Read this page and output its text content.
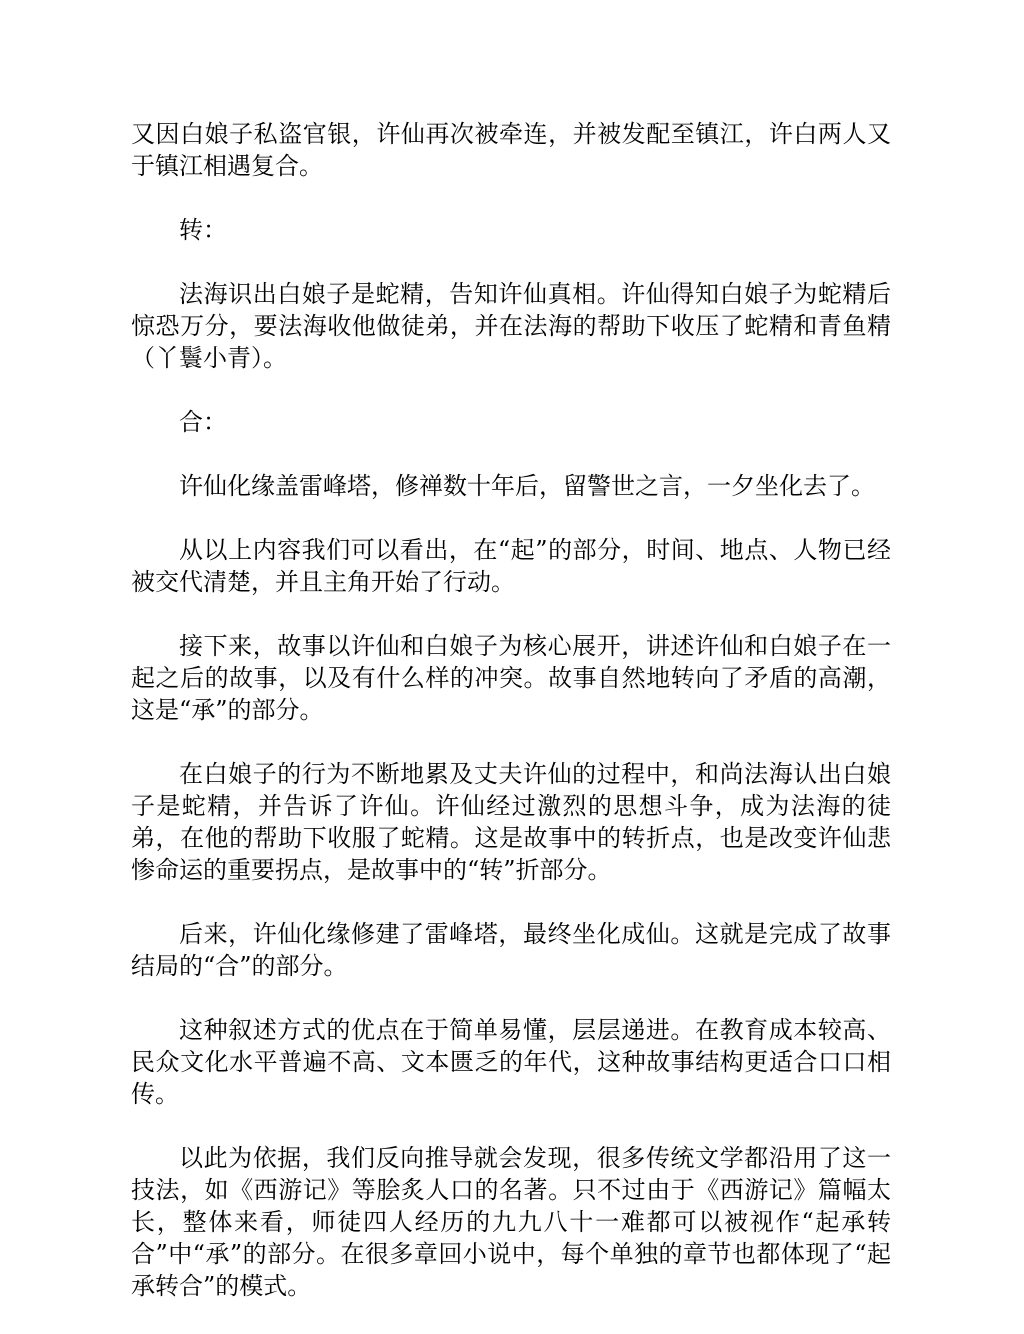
又因白娘子私盗官银，许仙再次被牵连，并被发配至镇江，许白两人又于镇江相遇复合。

转：

法海识出白娘子是蛇精，告知许仙真相。许仙得知白娘子为蛇精后惊恐万分，要法海收他做徒弟，并在法海的帮助下收压了蛇精和青鱼精（丫鬟小青）。

合：

许仙化缘盖雷峰塔，修禅数十年后，留警世之言，一夕坐化去了。

从以上内容我们可以看出，在“起”的部分，时间、地点、人物已经被交代清楚，并且主角开始了行动。

接下来，故事以许仙和白娘子为核心展开，讲述许仙和白娘子在一起之后的故事，以及有什么样的冲突。故事自然地转向了矛盾的高潮，这是“承”的部分。

在白娘子的行为不断地累及丈夫许仙的过程中，和尚法海认出白娘子是蛇精，并告诉了许仙。许仙经过激烈的思想斗争，成为法海的徒弟，在他的帮助下收服了蛇精。这是故事中的转折点，也是改变许仙悲惨命运的重要拐点，是故事中的“转”折部分。

后来，许仙化缘修建了雷峰塔，最终坐化成仙。这就是完成了故事结局的“合”的部分。

这种叙述方式的优点在于简单易懂，层层递进。在教育成本较高、民众文化水平普遍不高、文本匮乏的年代，这种故事结构更适合口口相传。

以此为依据，我们反向推导就会发现，很多传统文学都沿用了这一技法，如《西游记》等脍炙人口的名著。只不过由于《西游记》篇幅太长，整体来看，师徒四人经历的九九八十一难都可以被视作“起承转合”中“承”的部分。在很多章回小说中，每个单独的章节也都体现了“起承转合”的模式。
